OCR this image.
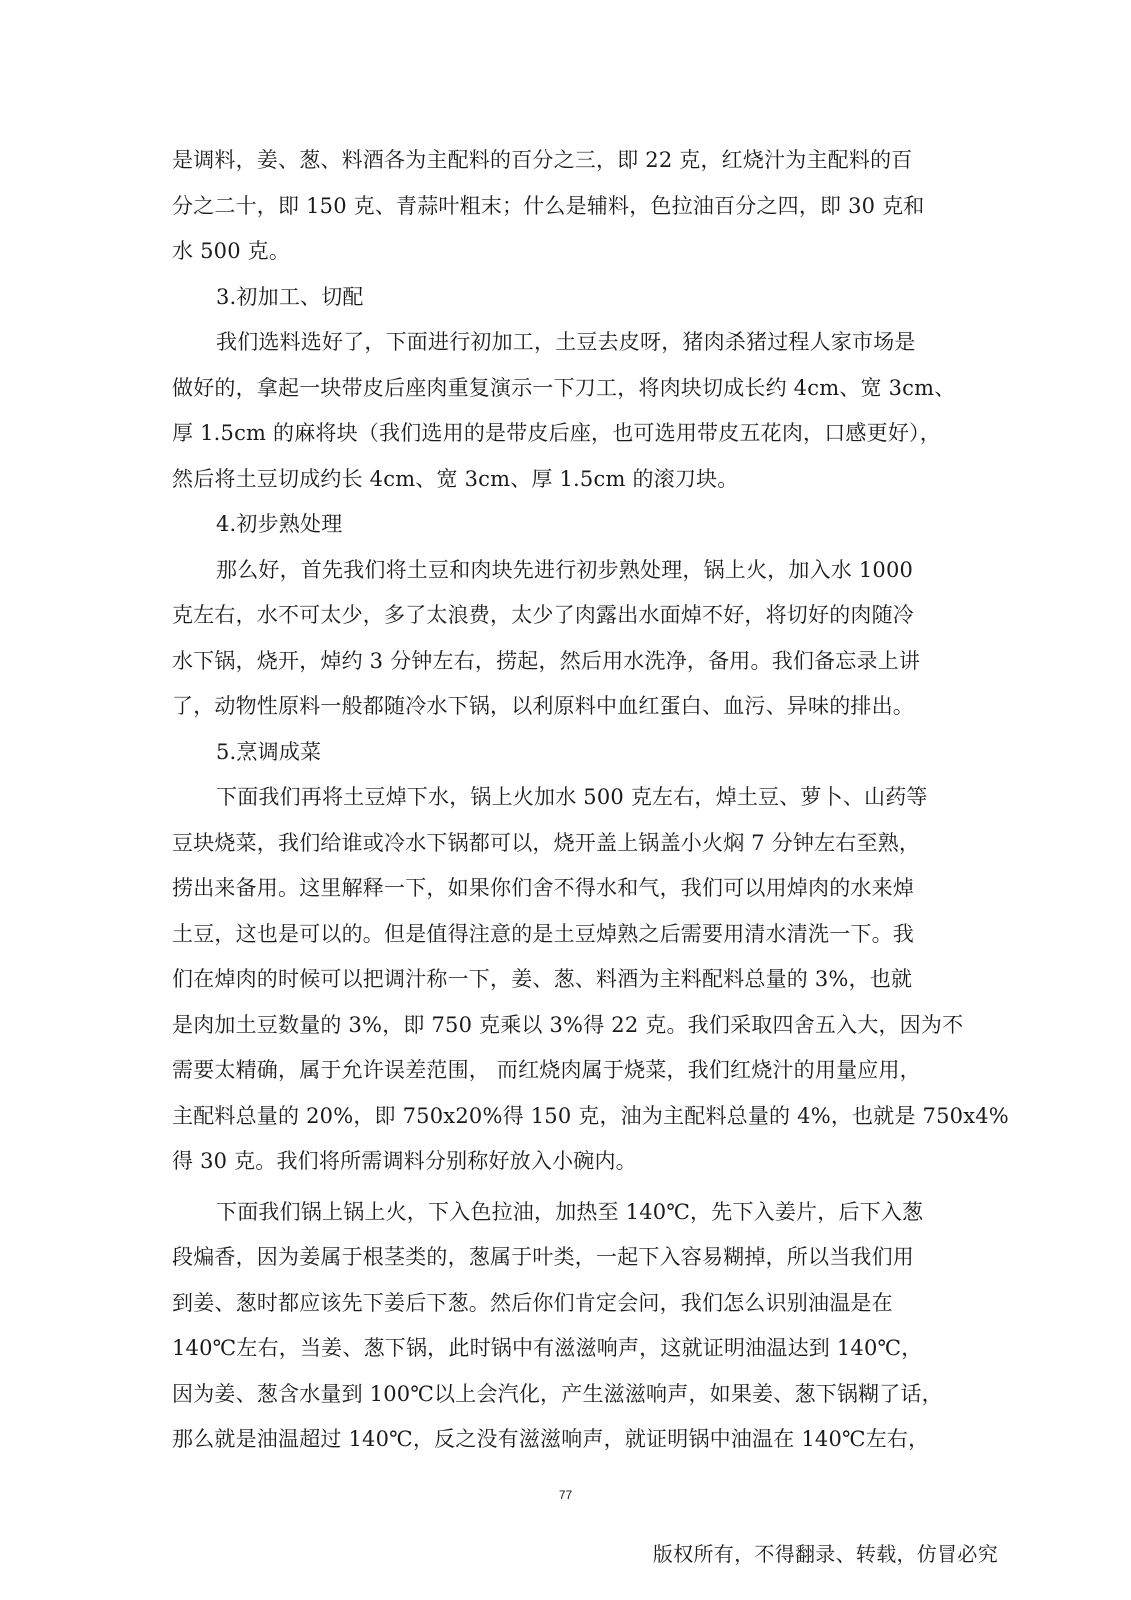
是调料，姜、葱、料酒各为主配料的百分之三，即 22 克，红烧汁为主配料的百
分之二十，即 150 克、青蒜叶粗末；什么是辅料，色拉油百分之四，即 30 克和
水 500 克。
3.初加工、切配
我们选料选好了，下面进行初加工，土豆去皮呀，猪肉杀猪过程人家市场是
做好的，拿起一块带皮后座肉重复演示一下刀工，将肉块切成长约 4cm、宽 3cm、
厚 1.5cm 的麻将块（我们选用的是带皮后座，也可选用带皮五花肉，口感更好），
然后将土豆切成约长 4cm、宽 3cm、厚 1.5cm 的滚刀块。
4.初步熟处理
那么好，首先我们将土豆和肉块先进行初步熟处理，锅上火，加入水 1000
克左右，水不可太少，多了太浪费，太少了肉露出水面焯不好，将切好的肉随冷
水下锅，烧开，焯约 3 分钟左右，捞起，然后用水洗净，备用。我们备忘录上讲
了，动物性原料一般都随冷水下锅，以利原料中血红蛋白、血污、异味的排出。
5.烹调成菜
下面我们再将土豆焯下水，锅上火加水 500 克左右，焯土豆、萝卜、山药等
豆块烧菜，我们给谁或冷水下锅都可以，烧开盖上锅盖小火焖 7 分钟左右至熟，
捞出来备用。这里解释一下，如果你们舍不得水和气，我们可以用焯肉的水来焯
土豆，这也是可以的。但是值得注意的是土豆焯熟之后需要用清水清洗一下。我
们在焯肉的时候可以把调汁称一下，姜、葱、料酒为主料配料总量的 3%，也就
是肉加土豆数量的 3%，即 750 克乘以 3%得 22 克。我们采取四舍五入大，因为不
需要太精确，属于允许误差范围， 而红烧肉属于烧菜，我们红烧汁的用量应用，
主配料总量的 20%，即 750x20%得 150 克，油为主配料总量的 4%，也就是 750x4%
得 30 克。我们将所需调料分别称好放入小碗内。
下面我们锅上锅上火，下入色拉油，加热至 140℃，先下入姜片，后下入葱
段煸香，因为姜属于根茎类的，葱属于叶类，一起下入容易糊掉，所以当我们用
到姜、葱时都应该先下姜后下葱。然后你们肯定会问，我们怎么识别油温是在
140℃左右，当姜、葱下锅，此时锅中有滋滋响声，这就证明油温达到 140℃，
因为姜、葱含水量到 100℃以上会汽化，产生滋滋响声，如果姜、葱下锅糊了话，
那么就是油温超过 140℃，反之没有滋滋响声，就证明锅中油温在 140℃左右，
77
版权所有，不得翻录、转载，仿冒必究
